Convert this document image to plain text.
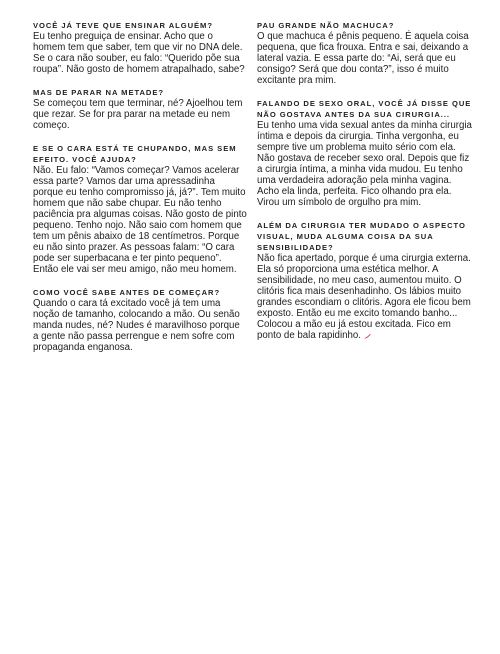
VOCÊ JÁ TEVE QUE ENSINAR ALGUÉM?

Eu tenho preguiça de ensinar. Acho que o homem tem que saber, tem que vir no DNA dele. Se o cara não souber, eu falo: “Querido põe sua roupa”. Não gosto de homem atrapalhado, sabe?

MAS DE PARAR NA METADE?

Se começou tem que terminar, né? Ajoelhou tem que rezar. Se for pra parar na metade eu nem começo.

E SE O CARA ESTÁ TE CHUPANDO, MAS SEM EFEITO. VOCÊ AJUDA?

Não. Eu falo: “Vamos começar? Vamos acelerar essa parte? Vamos dar uma apressadinha porque eu tenho compromisso já, já?”. Tem muito homem que não sabe chupar. Eu não tenho paciência pra algumas coisas. Não gosto de pinto pequeno. Tenho nojo. Não saio com homem que tem um pênis abaixo de 18 centímetros. Porque eu não sinto prazer. As pessoas falam: “O cara pode ser superbacana e ter pinto pequeno”. Então ele vai ser meu amigo, não meu homem.

COMO VOCÊ SABE ANTES DE COMEÇAR?

Quando o cara tá excitado você já tem uma noção de tamanho, colocando a mão. Ou senão manda nudes, né? Nudes é maravilhoso porque a gente não passa perrengue e nem sofre com propaganda enganosa.

PAU GRANDE NÃO MACHUCA?

O que machuca é pênis pequeno. É aquela coisa pequena, que fica frouxa. Entra e sai, deixando a lateral vazia. E essa parte do: “Ai, será que eu consigo? Será que dou conta?”, isso é muito excitante pra mim.

FALANDO DE SEXO ORAL, VOCÊ JÁ DISSE QUE NÃO GOSTAVA ANTES DA SUA CIRURGIA...

Eu tenho uma vida sexual antes da minha cirurgia íntima e depois da cirurgia. Tinha vergonha, eu sempre tive um problema muito sério com ela. Não gostava de receber sexo oral. Depois que fiz a cirurgia íntima, a minha vida mudou. Eu tenho uma verdadeira adoração pela minha vagina. Acho ela linda, perfeita. Fico olhando pra ela. Virou um símbolo de orgulho pra mim.

ALÉM DA CIRURGIA TER MUDADO O ASPECTO VISUAL, MUDA ALGUMA COISA DA SUA SENSIBILIDADE?

Não fica apertado, porque é uma cirurgia externa. Ela só proporciona uma estética melhor. A sensibilidade, no meu caso, aumentou muito. O clitóris fica mais desenhadinho. Os lábios muito grandes escondiam o clitóris. Agora ele ficou bem exposto. Então eu me excito tomando banho... Colocou a mão eu já estou excitada. Fico em ponto de bala rapidinho.
